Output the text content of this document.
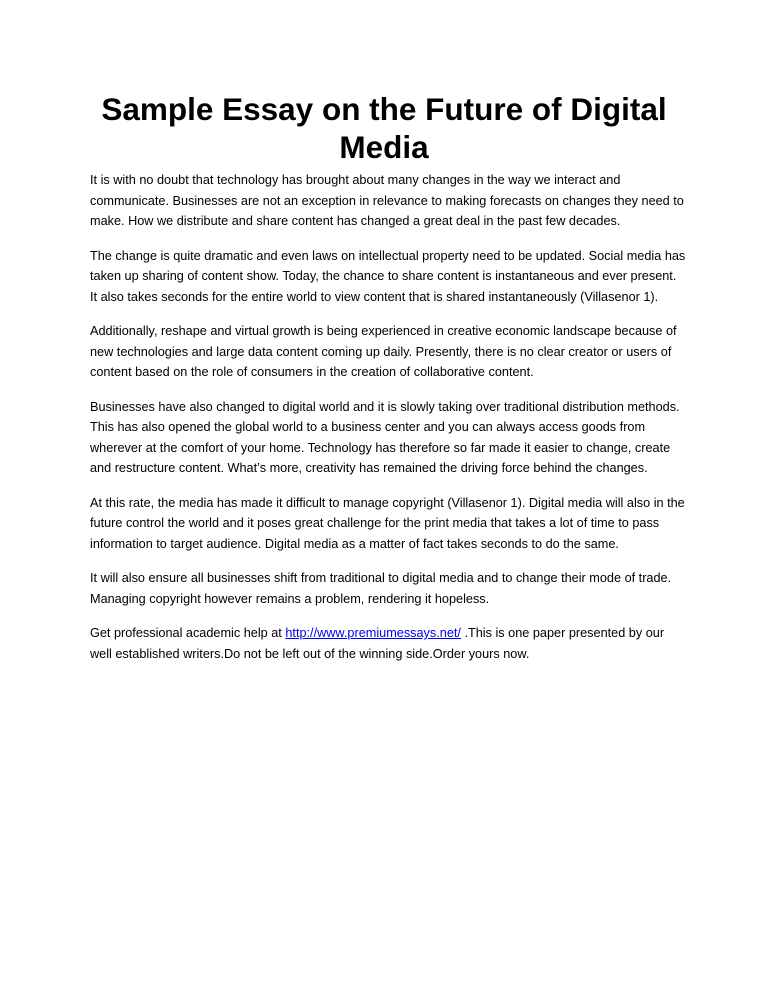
Sample Essay on the Future of Digital Media

It is with no doubt that technology has brought about many changes in the way we interact and communicate. Businesses are not an exception in relevance to making forecasts on changes they need to make. How we distribute and share content has changed a great deal in the past few decades.

The change is quite dramatic and even laws on intellectual property need to be updated. Social media has taken up sharing of content show. Today, the chance to share content is instantaneous and ever present. It also takes seconds for the entire world to view content that is shared instantaneously (Villasenor 1).

Additionally, reshape and virtual growth is being experienced in creative economic landscape because of new technologies and large data content coming up daily. Presently, there is no clear creator or users of content based on the role of consumers in the creation of collaborative content.

Businesses have also changed to digital world and it is slowly taking over traditional distribution methods. This has also opened the global world to a business center and you can always access goods from wherever at the comfort of your home. Technology has therefore so far made it easier to change, create and restructure content. What’s more, creativity has remained the driving force behind the changes.

At this rate, the media has made it difficult to manage copyright (Villasenor 1). Digital media will also in the future control the world and it poses great challenge for the print media that takes a lot of time to pass information to target audience. Digital media as a matter of fact takes seconds to do the same.

It will also ensure all businesses shift from traditional to digital media and to change their mode of trade. Managing copyright however remains a problem, rendering it hopeless.

Get professional academic help at http://www.premiumessays.net/ .This is one paper presented by our well established writers.Do not be left out of the winning side.Order yours now.
